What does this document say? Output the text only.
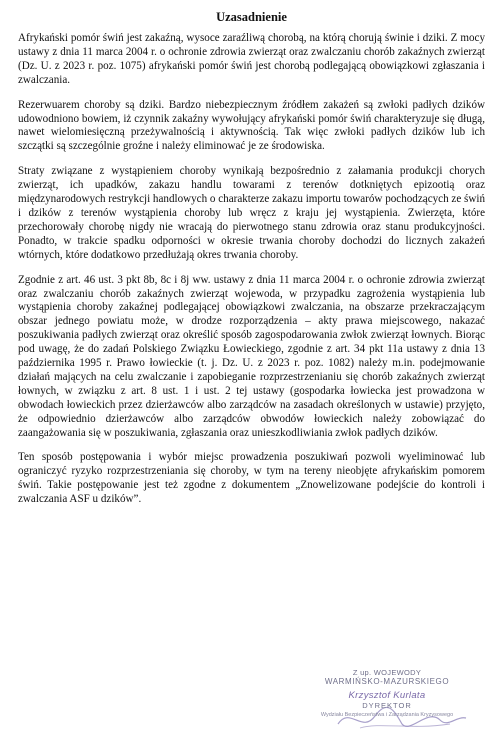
Uzasadnienie

Afrykański pomór świń jest zakaźną, wysoce zaraźliwą chorobą, na którą chorują świnie i dziki. Z mocy ustawy z dnia 11 marca 2004 r. o ochronie zdrowia zwierząt oraz zwalczaniu chorób zakaźnych zwierząt (Dz. U. z 2023 r. poz. 1075) afrykański pomór świń jest chorobą podlegającą obowiązkowi zgłaszania i zwalczania.

Rezerwuarem choroby są dziki. Bardzo niebezpiecznym źródłem zakażeń są zwłoki padłych dzików udowodniono bowiem, iż czynnik zakaźny wywołujący afrykański pomór świń charakteryzuje się długą, nawet wielomiesięczną przeżywalnością i aktywnością. Tak więc zwłoki padłych dzików lub ich szczątki są szczególnie groźne i należy eliminować je ze środowiska.

Straty związane z wystąpieniem choroby wynikają bezpośrednio z załamania produkcji chorych zwierząt, ich upadków, zakazu handlu towarami z terenów dotkniętych epizootią oraz międzynarodowych restrykcji handlowych o charakterze zakazu importu towarów pochodzących ze świń i dzików z terenów wystąpienia choroby lub wręcz z kraju jej wystąpienia. Zwierzęta, które przechorowały chorobę nigdy nie wracają do pierwotnego stanu zdrowia oraz stanu produkcyjności. Ponadto, w trakcie spadku odporności w okresie trwania choroby dochodzi do licznych zakażeń wtórnych, które dodatkowo przedłużają okres trwania choroby.

Zgodnie z art. 46 ust. 3 pkt 8b, 8c i 8j ww. ustawy z dnia 11 marca 2004 r. o ochronie zdrowia zwierząt oraz zwalczaniu chorób zakaźnych zwierząt wojewoda, w przypadku zagrożenia wystąpienia lub wystąpienia choroby zakaźnej podlegającej obowiązkowi zwalczania, na obszarze przekraczającym obszar jednego powiatu może, w drodze rozporządzenia – akty prawa miejscowego, nakazać poszukiwania padłych zwierząt oraz określić sposób zagospodarowania zwłok zwierząt łownych. Biorąc pod uwagę, że do zadań Polskiego Związku Łowieckiego, zgodnie z art. 34 pkt 11a ustawy z dnia 13 października 1995 r. Prawo łowieckie (t. j. Dz. U. z 2023 r. poz. 1082) należy m.in. podejmowanie działań mających na celu zwalczanie i zapobieganie rozprzestrzenianiu się chorób zakaźnych zwierząt łownych, w związku z art. 8 ust. 1 i ust. 2 tej ustawy (gospodarka łowiecka jest prowadzona w obwodach łowieckich przez dzierżawców albo zarządców na zasadach określonych w ustawie) przyjęto, że odpowiednio dzierżawców albo zarządców obwodów łowieckich należy zobowiązać do zaangażowania się w poszukiwania, zgłaszania oraz unieszkodliwiania zwłok padłych dzików.

Ten sposób postępowania i wybór miejsc prowadzenia poszukiwań pozwoli wyeliminować lub ograniczyć ryzyko rozprzestrzeniania się choroby, w tym na tereny nieobjęte afrykańskim pomorem świń. Takie postępowanie jest też zgodne z dokumentem „Znowelizowane podejście do kontroli i zwalczania ASF u dzików”.

Z up. WOJEWODY
WARMIŃSKO-MAZURSKIEGO
Krzysztof Kurlata
DYREKTOR
Wydziału Bezpieczeństwa i Zarządzania Kryzysowego
